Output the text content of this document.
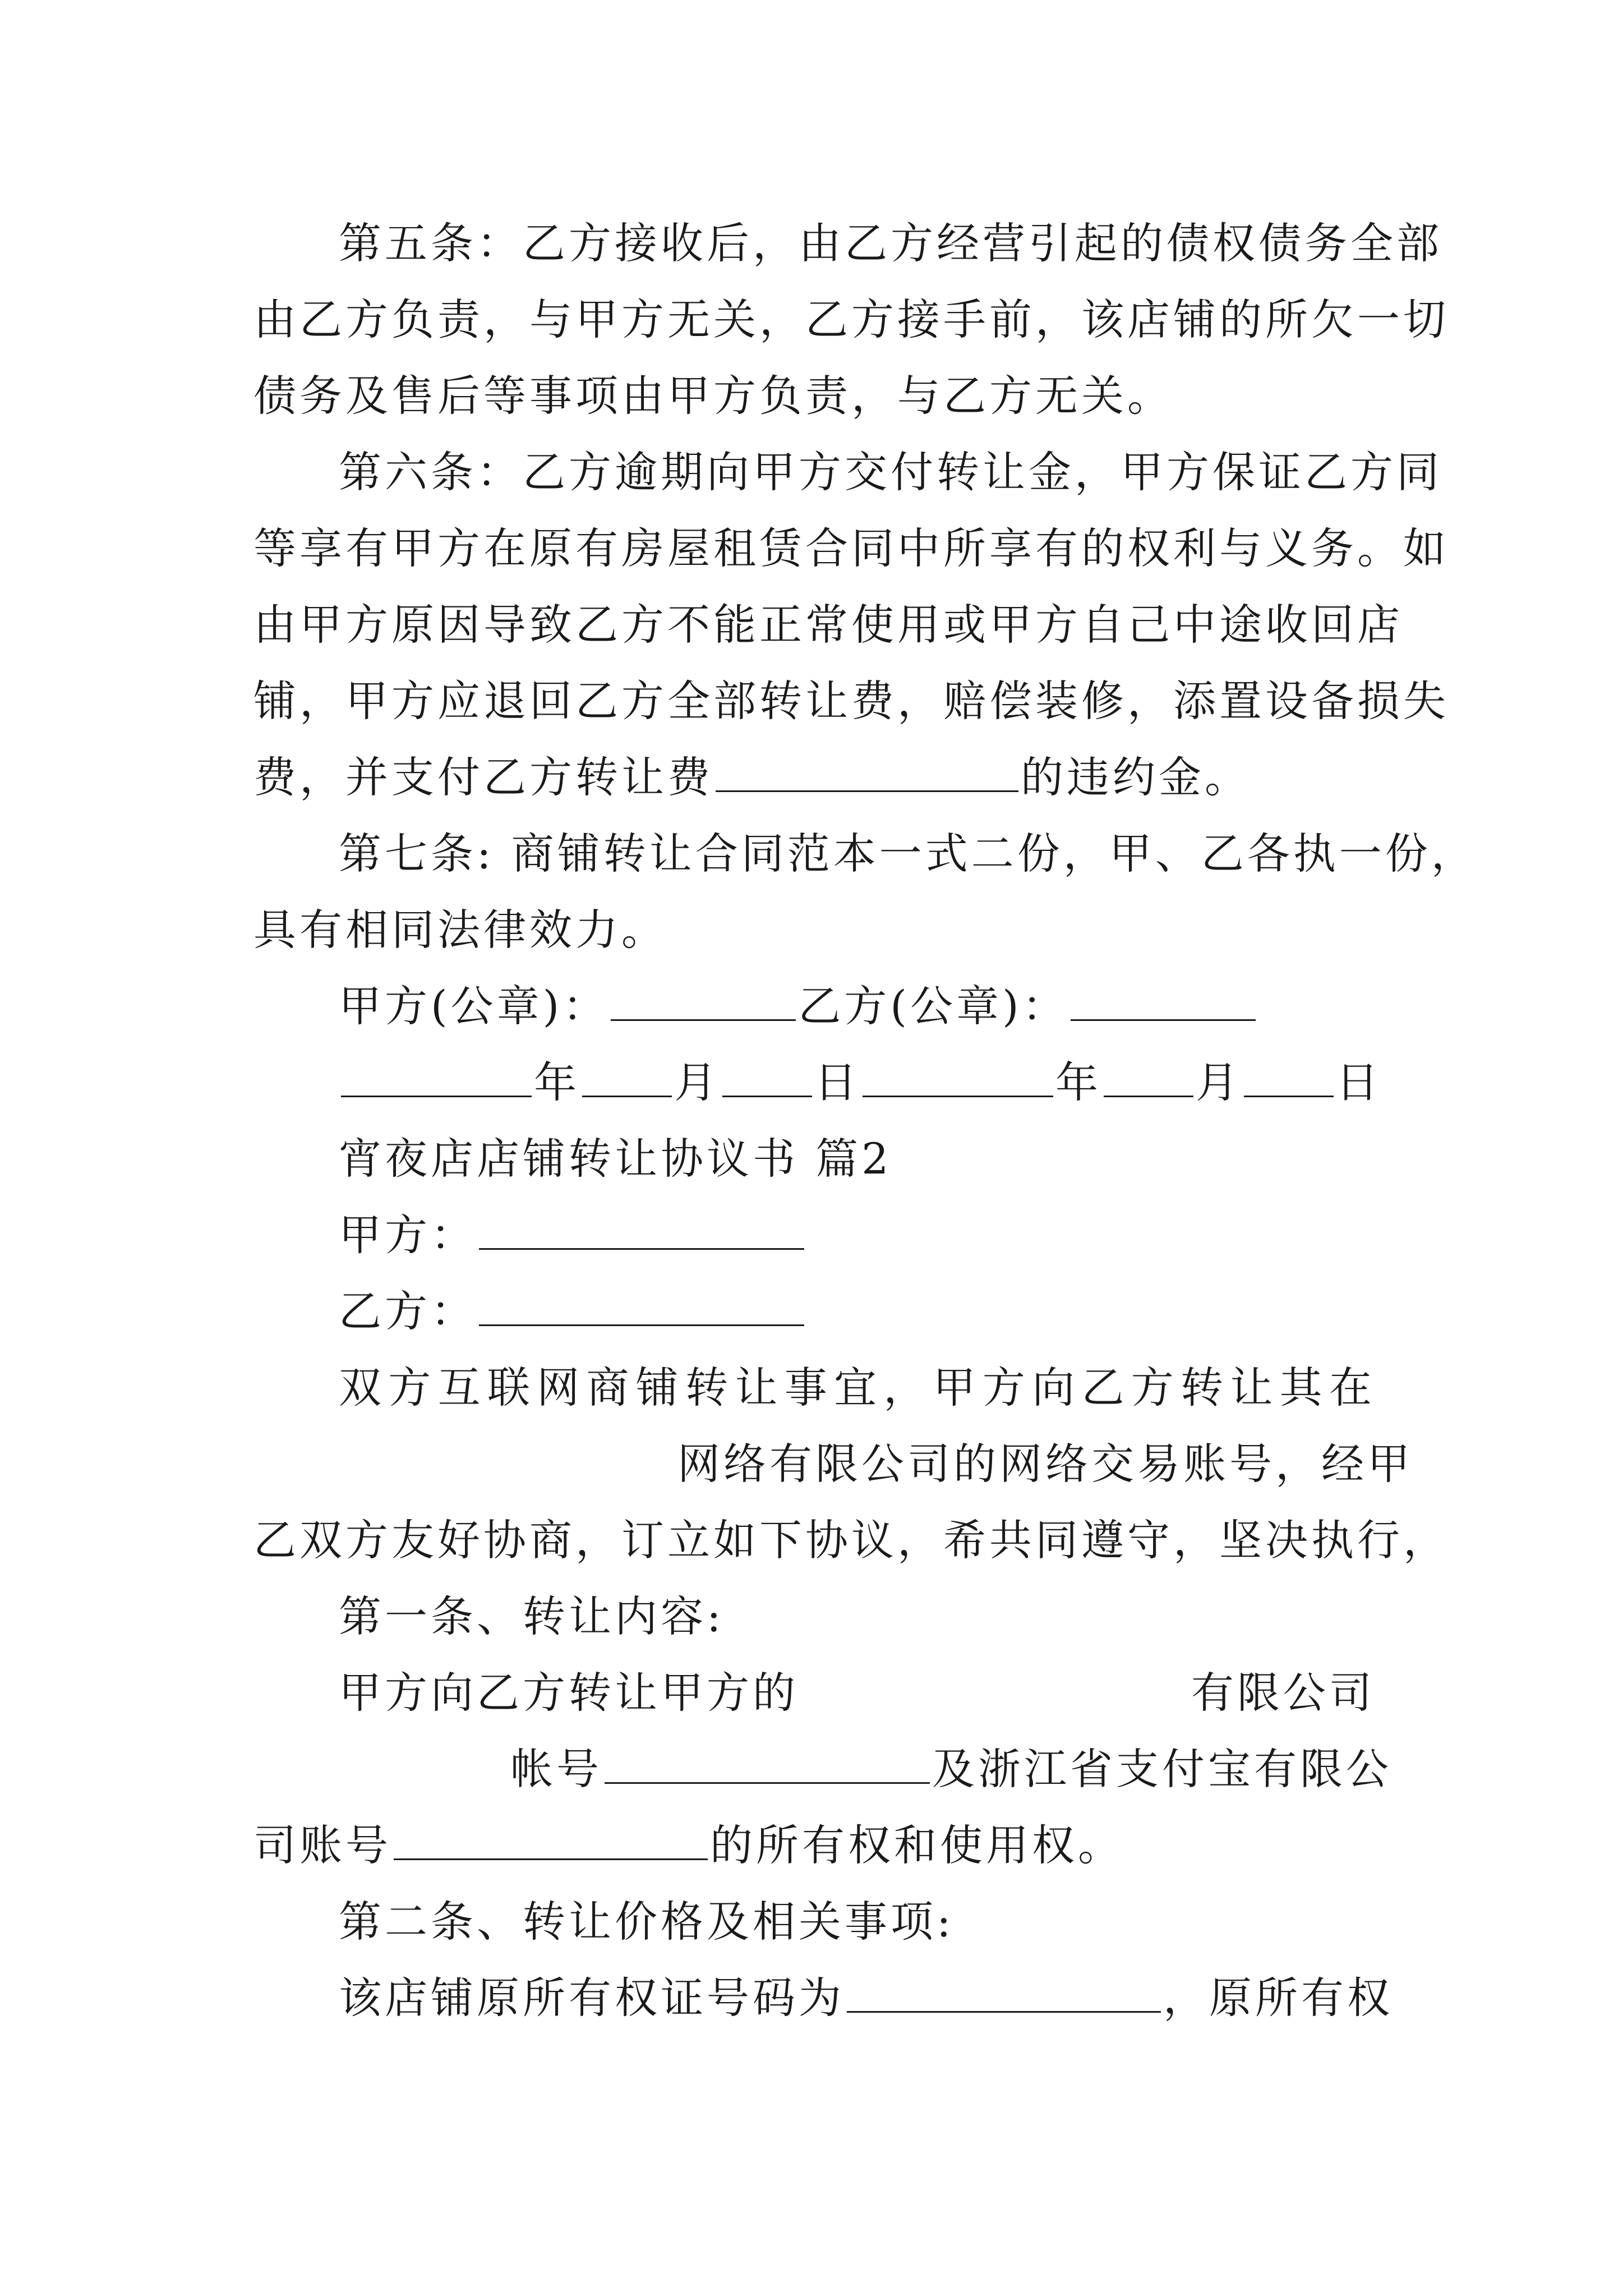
第五条：乙方接收后，由乙方经营引起的债权债务全部
由乙方负责，与甲方无关，乙方接手前，该店铺的所欠一切
债务及售后等事项由甲方负责，与乙方无关。
第六条：乙方逾期向甲方交付转让金，甲方保证乙方同
等享有甲方在原有房屋租赁合同中所享有的权利与义务。如
由甲方原因导致乙方不能正常使用或甲方自己中途收回店
铺，甲方应退回乙方全部转让费，赔偿装修，添置设备损失
费，并支付乙方转让费	的违约金。
第七条: 商铺转让合同范本一式二份，甲、乙各执一份，
具有相同法律效力。
甲方(公章)：	乙方(公章)：
年 月 日	年 月 日
宵夜店店铺转让协议书 篇2
甲方：
乙方：
双方互联网商铺转让事宜，甲方向乙方转让其在
网络有限公司的网络交易账号，经甲
乙双方友好协商，订立如下协议，希共同遵守，坚决执行，
第一条、转让内容:
甲方向乙方转让甲方的	有限公司
帐号	及浙江省支付宝有限公
司账号	的所有权和使用权。
第二条、转让价格及相关事项:
该店铺原所有权证号码为	，原所有权
